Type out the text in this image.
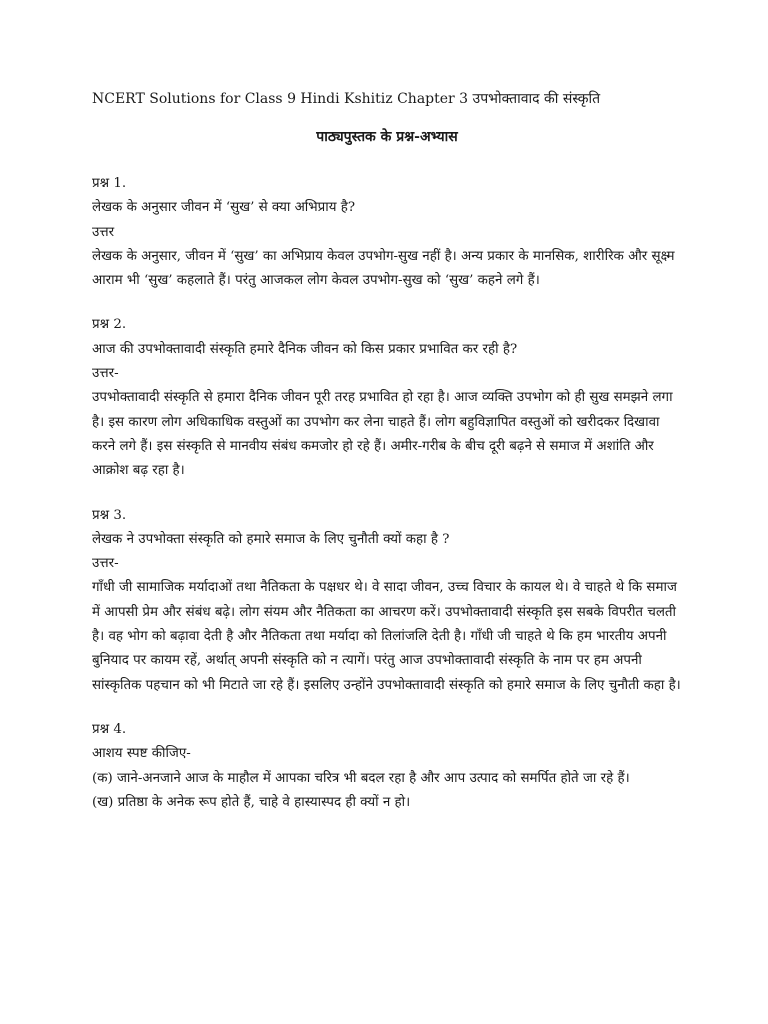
NCERT Solutions for Class 9 Hindi Kshitiz Chapter 3 उपभोक्तावाद की संस्कृति
पाठ्यपुस्तक के प्रश्न-अभ्यास

प्रश्न 1.

लेखक के अनुसार जीवन में ‘सुख’ से क्या अभिप्राय है?

उत्तर

लेखक के अनुसार, जीवन में ‘सुख’ का अभिप्राय केवल उपभोग-सुख नहीं है। अन्य प्रकार के मानसिक, शारीरिक और सूक्ष्म आराम भी ‘सुख’ कहलाते हैं। परंतु आजकल लोग केवल उपभोग-सुख को ‘सुख’ कहने लगे हैं।

प्रश्न 2.

आज की उपभोक्तावादी संस्कृति हमारे दैनिक जीवन को किस प्रकार प्रभावित कर रही है?

उत्तर-

उपभोक्तावादी संस्कृति से हमारा दैनिक जीवन पूरी तरह प्रभावित हो रहा है। आज व्यक्ति उपभोग को ही सुख समझने लगा है। इस कारण लोग अधिकाधिक वस्तुओं का उपभोग कर लेना चाहते हैं। लोग बहुविज्ञापित वस्तुओं को खरीदकर दिखावा करने लगे हैं। इस संस्कृति से मानवीय संबंध कमजोर हो रहे हैं। अमीर-गरीब के बीच दूरी बढ़ने से समाज में अशांति और आक्रोश बढ़ रहा है।

प्रश्न 3.

लेखक ने उपभोक्ता संस्कृति को हमारे समाज के लिए चुनौती क्यों कहा है ?

उत्तर-

गाँधी जी सामाजिक मर्यादाओं तथा नैतिकता के पक्षधर थे। वे सादा जीवन, उच्च विचार के कायल थे। वे चाहते थे कि समाज में आपसी प्रेम और संबंध बढ़े। लोग संयम और नैतिकता का आचरण करें। उपभोक्तावादी संस्कृति इस सबके विपरीत चलती है। वह भोग को बढ़ावा देती है और नैतिकता तथा मर्यादा को तिलांजलि देती है। गाँधी जी चाहते थे कि हम भारतीय अपनी बुनियाद पर कायम रहें, अर्थात् अपनी संस्कृति को न त्यागें। परंतु आज उपभोक्तावादी संस्कृति के नाम पर हम अपनी सांस्कृतिक पहचान को भी मिटाते जा रहे हैं। इसलिए उन्होंने उपभोक्तावादी संस्कृति को हमारे समाज के लिए चुनौती कहा है।

प्रश्न 4.

आशय स्पष्ट कीजिए-

(क) जाने-अनजाने आज के माहौल में आपका चरित्र भी बदल रहा है और आप उत्पाद को समर्पित होते जा रहे हैं।

(ख) प्रतिष्ठा के अनेक रूप होते हैं, चाहे वे हास्यास्पद ही क्यों न हो।
